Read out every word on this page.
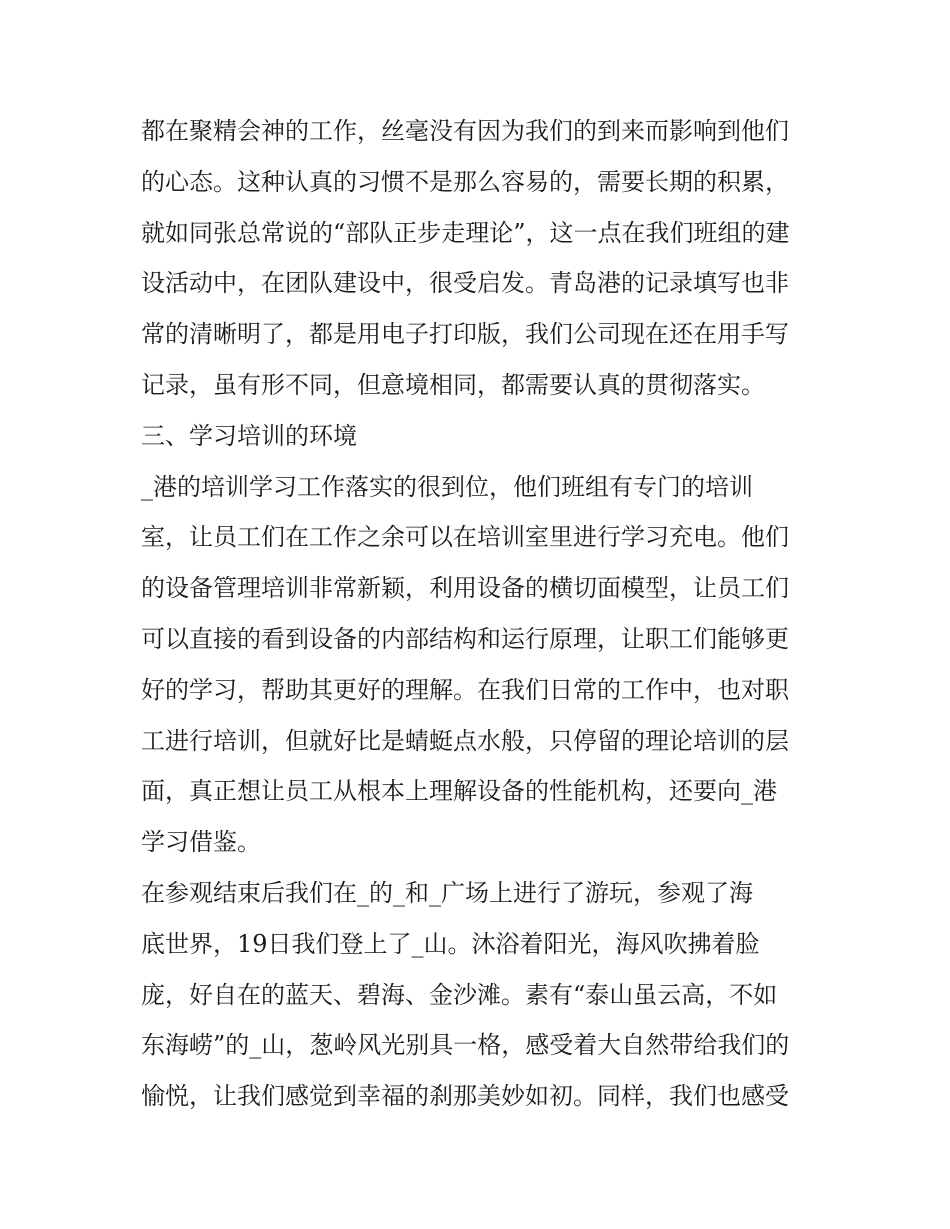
都在聚精会神的工作，丝毫没有因为我们的到来而影响到他们
的心态。这种认真的习惯不是那么容易的，需要长期的积累，
就如同张总常说的“部队正步走理论”，这一点在我们班组的建
设活动中，在团队建设中，很受启发。青岛港的记录填写也非
常的清晰明了，都是用电子打印版，我们公司现在还在用手写
记录，虽有形不同，但意境相同，都需要认真的贯彻落实。
三、学习培训的环境
_港的培训学习工作落实的很到位，他们班组有专门的培训
室，让员工们在工作之余可以在培训室里进行学习充电。他们
的设备管理培训非常新颖，利用设备的横切面模型，让员工们
可以直接的看到设备的内部结构和运行原理，让职工们能够更
好的学习，帮助其更好的理解。在我们日常的工作中，也对职
工进行培训，但就好比是蜻蜓点水般，只停留的理论培训的层
面，真正想让员工从根本上理解设备的性能机构，还要向_港
学习借鉴。
在参观结束后我们在_的_和_广场上进行了游玩，参观了海
底世界，19日我们登上了_山。沐浴着阳光，海风吹拂着脸
庞，好自在的蓝天、碧海、金沙滩。素有“泰山虽云高，不如
东海崂”的_山，葱岭风光别具一格，感受着大自然带给我们的
愉悦，让我们感觉到幸福的刹那美妙如初。同样，我们也感受
